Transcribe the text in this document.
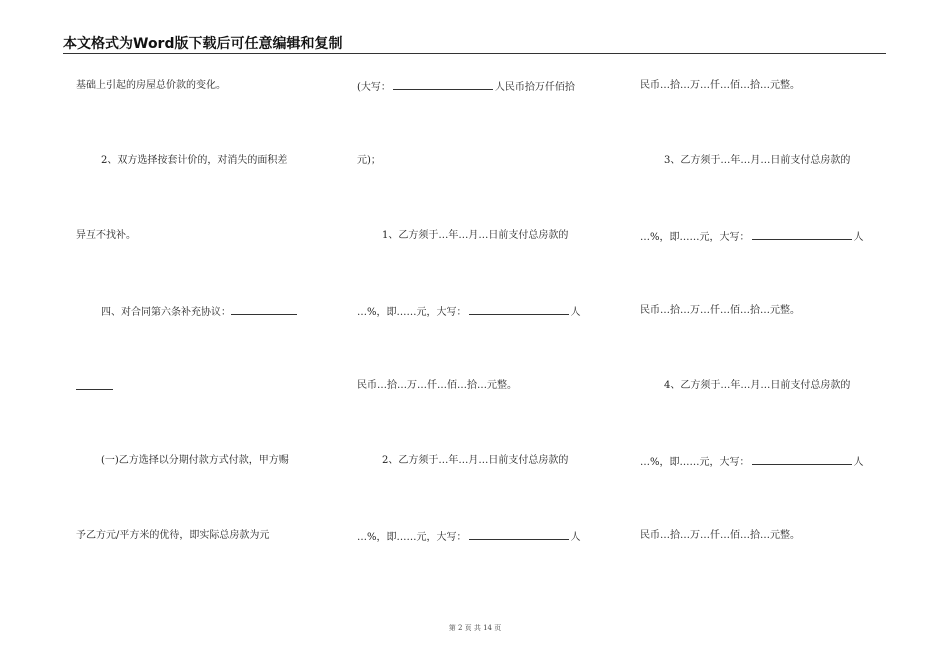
本文格式为Word版下载后可任意编辑和复制
基础上引起的房屋总价款的变化。
2、双方选择按套计价的，对消失的面积差
异互不找补。
四、对合同第六条补充协议：
(一)乙方选择以分期付款方式付款，甲方赐
予乙方元/平方米的优待，即实际总房款为元
(大写：	人民币拾万仟佰拾
元)；
1、乙方须于…年…月…日前支付总房款的
…%，即……元，大写：	人
民币…拾…万…仟…佰…拾…元整。
2、乙方须于…年…月…日前支付总房款的
…%，即……元，大写：	人
民币…拾…万…仟…佰…拾…元整。
3、乙方须于…年…月…日前支付总房款的
…%，即……元，大写：	人
民币…拾…万…仟…佰…拾…元整。
4、乙方须于…年…月…日前支付总房款的
…%，即……元，大写：	人
民币…拾…万…仟…佰…拾…元整。
第 2 页 共 14 页
